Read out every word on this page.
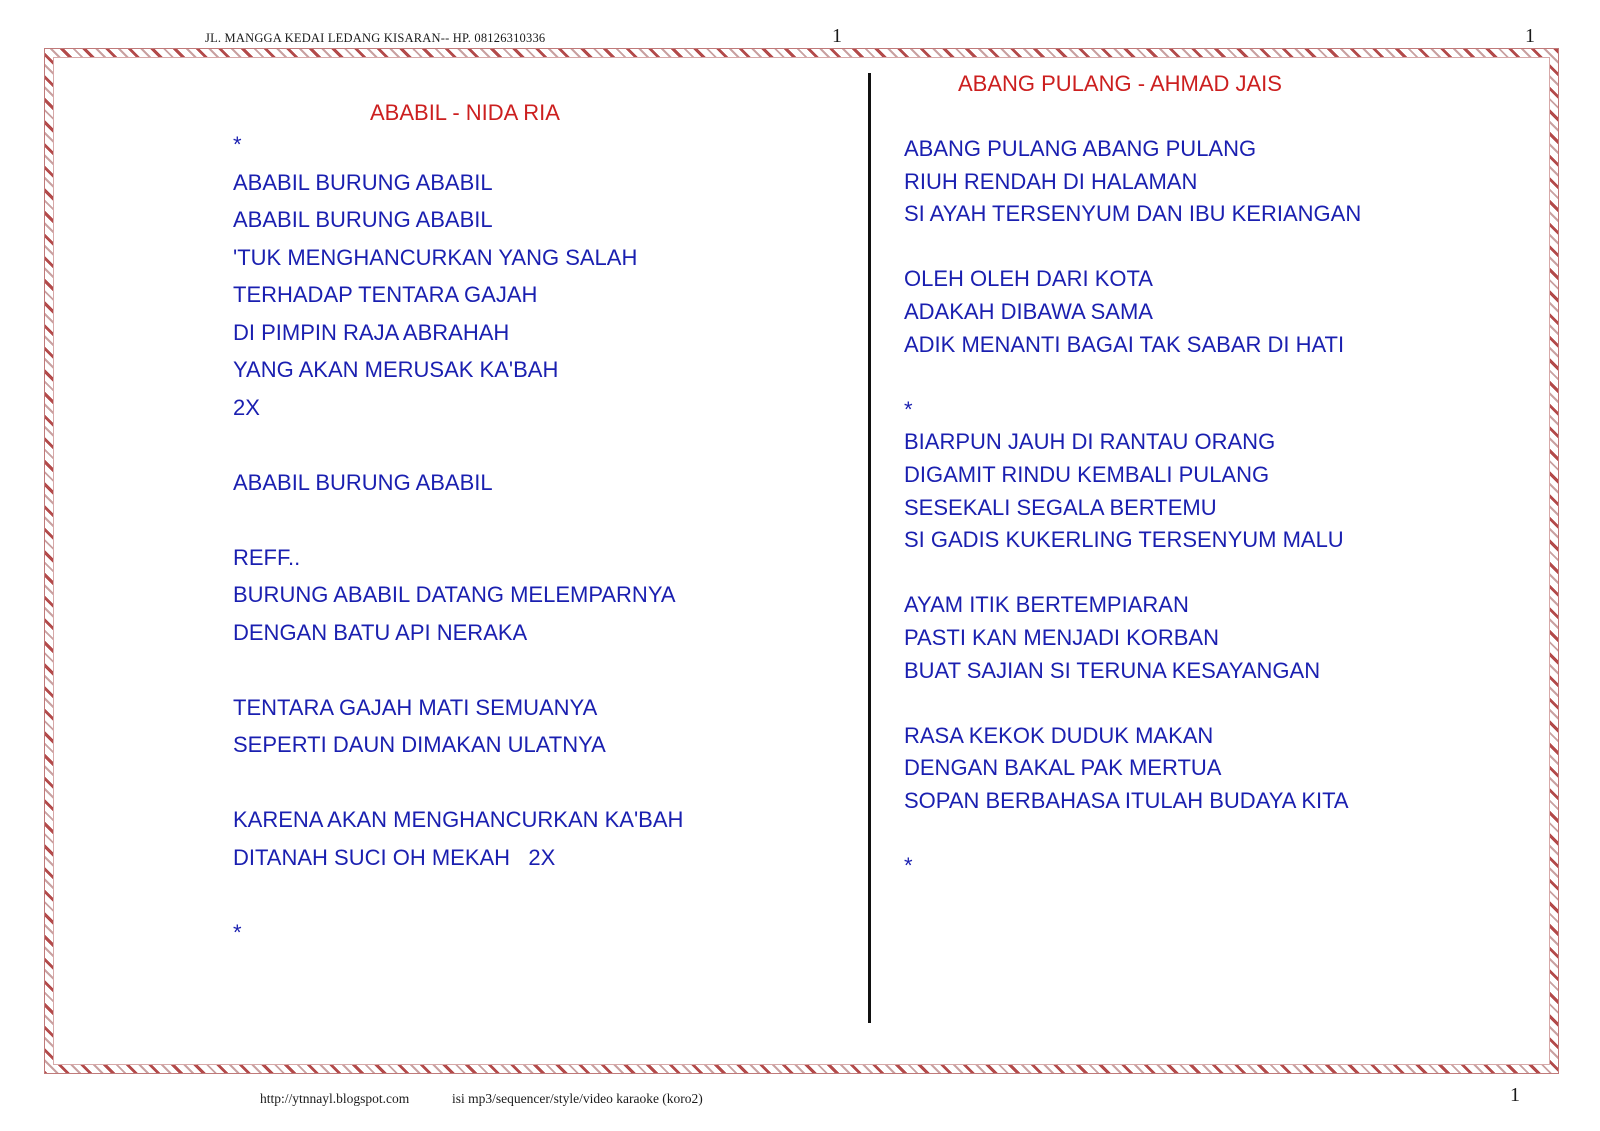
JL. MANGGA KEDAI LEDANG KISARAN-- HP. 08126310336	1	1
ABABIL - NIDA RIA
*
ABABIL BURUNG ABABIL
ABABIL BURUNG ABABIL
'TUK MENGHANCURKAN YANG SALAH
TERHADAP TENTARA GAJAH
DI PIMPIN RAJA ABRAHAH
YANG AKAN MERUSAK KA'BAH
2X
ABABIL BURUNG ABABIL
REFF..
BURUNG ABABIL DATANG MELEMPARNYA
DENGAN BATU API NERAKA
TENTARA GAJAH MATI SEMUANYA
SEPERTI DAUN DIMAKAN ULATNYA
KARENA AKAN MENGHANCURKAN KA'BAH
DITANAH SUCI OH MEKAH   2X
*
ABANG PULANG - AHMAD JAIS
ABANG PULANG ABANG PULANG
RIUH RENDAH DI HALAMAN
SI AYAH TERSENYUM DAN IBU KERIANGAN
OLEH OLEH DARI KOTA
ADAKAH DIBAWA SAMA
ADIK MENANTI BAGAI TAK SABAR DI HATI
*
BIARPUN JAUH DI RANTAU ORANG
DIGAMIT RINDU KEMBALI PULANG
SESEKALI SEGALA BERTEMU
SI GADIS KUKERLING TERSENYUM MALU
AYAM ITIK BERTEMPIARAN
PASTI KAN MENJADI KORBAN
BUAT SAJIAN SI TERUNA KESAYANGAN
RASA KEKOK DUDUK MAKAN
DENGAN BAKAL PAK MERTUA
SOPAN BERBAHASA ITULAH BUDAYA KITA
*
http://ytnnayl.blogspot.com	isi mp3/sequencer/style/video karaoke (koro2)	1
